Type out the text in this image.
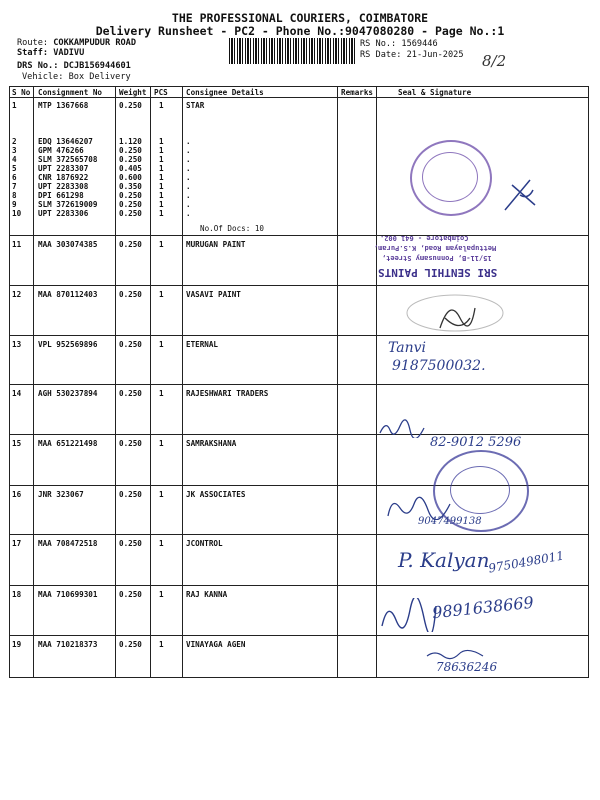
THE PROFESSIONAL COURIERS, COIMBATORE
Delivery Runsheet - PC2 - Phone No.:9047080280 - Page No.:1
Route: COKKAMPUDUR ROAD
Staff: VADIVU
DRS No.: DCJB156944601
Vehicle: Box Delivery
RS No.: 1569446
RS Date: 21-Jun-2025 8/2
S No Consignment No Weight PCS Consignee Details	Remarks	Seal & Signature
1	MTP 1367668	0.250 1	STAR
2	EDQ 13646207	1.120 1	.
3	GPM 476266	0.250 1	.
4	SLM 372565708	0.250 1	.
5	UPT 2283307	0.405 1	.
6	CNR 1876922	0.600 1	.
7	UPT 2283308	0.350 1	.
8	DPI 661298	0.250 1	.
9	SLM 372619009	0.250 1	.
10 UPT 2283306	0.250 1	.
No.Of Docs: 10
11 MAA 303074385	0.250 1	MURUGAN PAINT
12 MAA 870112403	0.250 1	VASAVI PAINT
13 VPL 952569896	0.250 1	ETERNAL
14 AGH 530237894	0.250 1	RAJESHWARI TRADERS
15 MAA 651221498	0.250 1	SAMRAKSHANA
16 JNR 323067	0.250 1	JK ASSOCIATES
17 MAA 708472518	0.250 1	JCONTROL
18 MAA 710699301	0.250 1	RAJ KANNA
19 MAA 710218373	0.250 1	VINAYAGA AGEN
SRI SENTHIL PAINTS
15/11-B, Ponnusamy Street,
Mettupalayam Road, K.S.Puram,
Coimbatore - 641 002.
Tanvi
9187500032.
82-9012 5296
9047499138
P. Kalyan
9750498011
9891638669
78636246
